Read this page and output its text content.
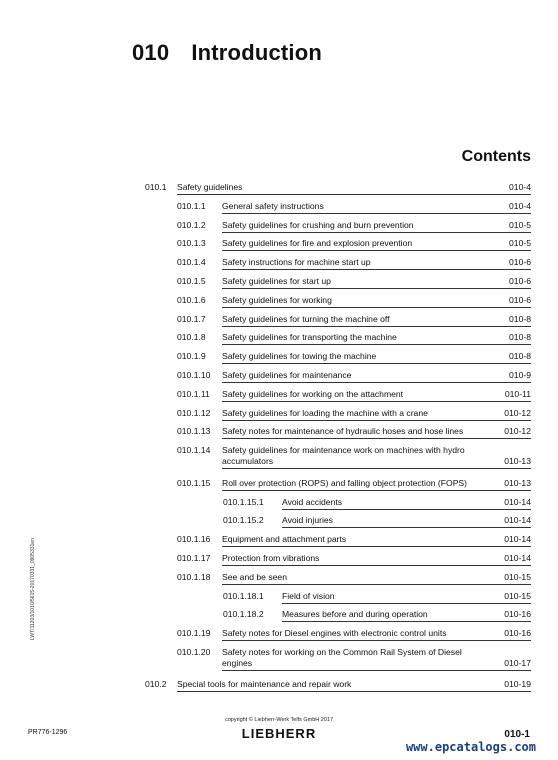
010 Introduction
Contents
010.1 Safety guidelines	010-4
010.1.1 General safety instructions	010-4
010.1.2 Safety guidelines for crushing and burn prevention	010-5
010.1.3 Safety guidelines for fire and explosion prevention	010-5
010.1.4 Safety instructions for machine start up	010-6
010.1.5 Safety guidelines for start up	010-6
010.1.6 Safety guidelines for working	010-6
010.1.7 Safety guidelines for turning the machine off	010-8
010.1.8 Safety guidelines for transporting the machine	010-8
010.1.9 Safety guidelines for towing the machine	010-8
010.1.10 Safety guidelines for maintenance	010-9
010.1.11 Safety guidelines for working on the attachment	010-11
010.1.12 Safety guidelines for loading the machine with a crane	010-12
010.1.13 Safety notes for maintenance of hydraulic hoses and hose lines	010-12
010.1.14 Safety guidelines for maintenance work on machines with hydro
accumulators	010-13
010.1.15 Roll over protection (ROPS) and falling object protection (FOPS)	010-13
010.1.15.1 Avoid accidents	010-14
010.1.15.2 Avoid injuries	010-14
010.1.16 Equipment and attachment parts	010-14
010.1.17 Protection from vibrations	010-14
010.1.18 See and be seen	010-15
010.1.18.1 Field of vision	010-15
010.1.18.2 Measures before and during operation	010-16
010.1.19 Safety notes for Diesel engines with electronic control units	010-16
010.1.20 Safety notes for working on the Common Rail System of Diesel
engines	010-17
010.2 Special tools for maintenance and repair work	010-19
LWT/11203/1010/5615-20170331_0905331en
PR776-1296
copyright © Liebherr-Werk Telfs GmbH 2017
LIEBHERR	010-1
www.epcatalogs.com
